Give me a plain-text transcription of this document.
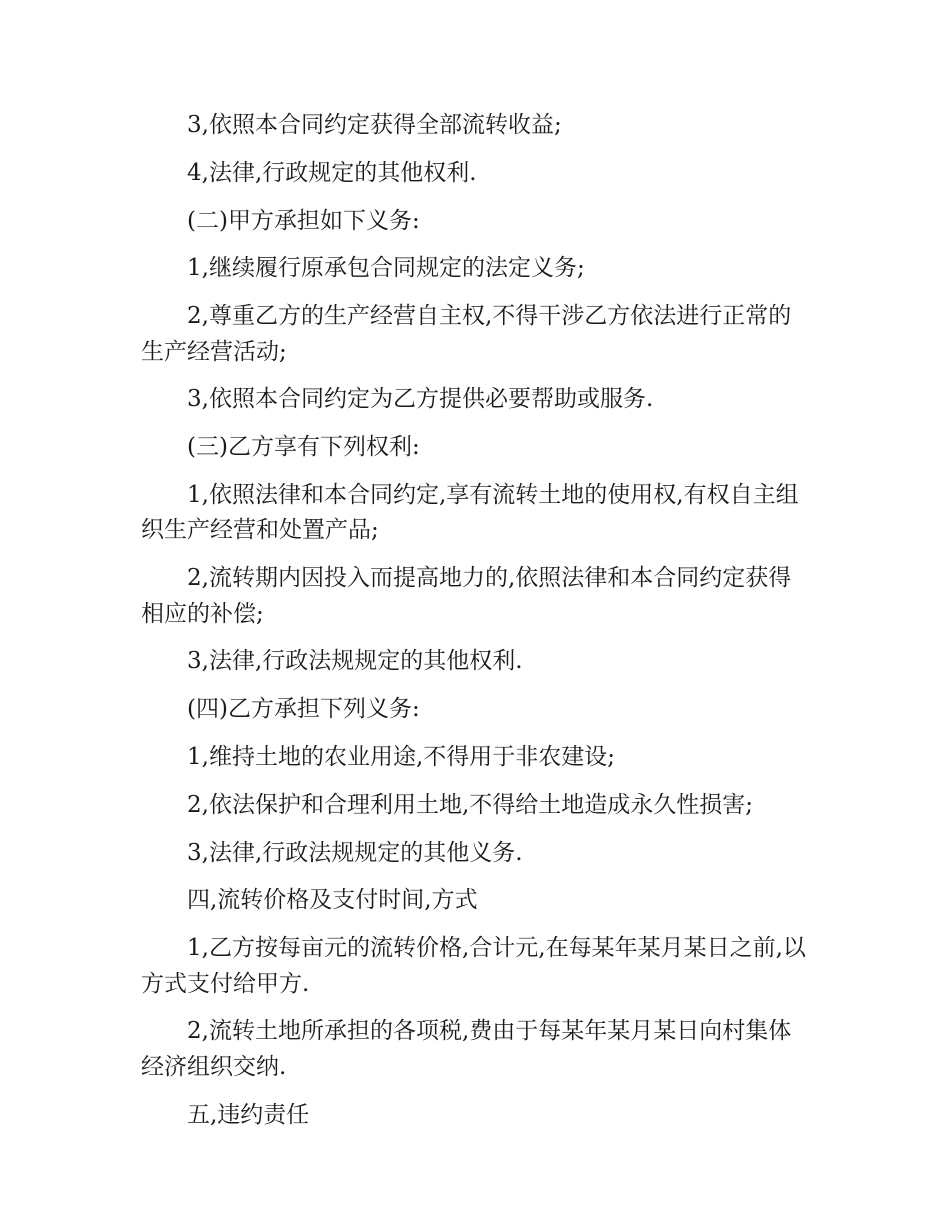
3,依照本合同约定获得全部流转收益;

4,法律,行政规定的其他权利.

(二)甲方承担如下义务:

1,继续履行原承包合同规定的法定义务;

2,尊重乙方的生产经营自主权,不得干涉乙方依法进行正常的生产经营活动;

3,依照本合同约定为乙方提供必要帮助或服务.

(三)乙方享有下列权利:

1,依照法律和本合同约定,享有流转土地的使用权,有权自主组织生产经营和处置产品;

2,流转期内因投入而提高地力的,依照法律和本合同约定获得相应的补偿;

3,法律,行政法规规定的其他权利.

(四)乙方承担下列义务:

1,维持土地的农业用途,不得用于非农建设;

2,依法保护和合理利用土地,不得给土地造成永久性损害;

3,法律,行政法规规定的其他义务.

四,流转价格及支付时间,方式

1,乙方按每亩元的流转价格,合计元,在每某年某月某日之前,以方式支付给甲方.

2,流转土地所承担的各项税,费由于每某年某月某日向村集体经济组织交纳.

五,违约责任
